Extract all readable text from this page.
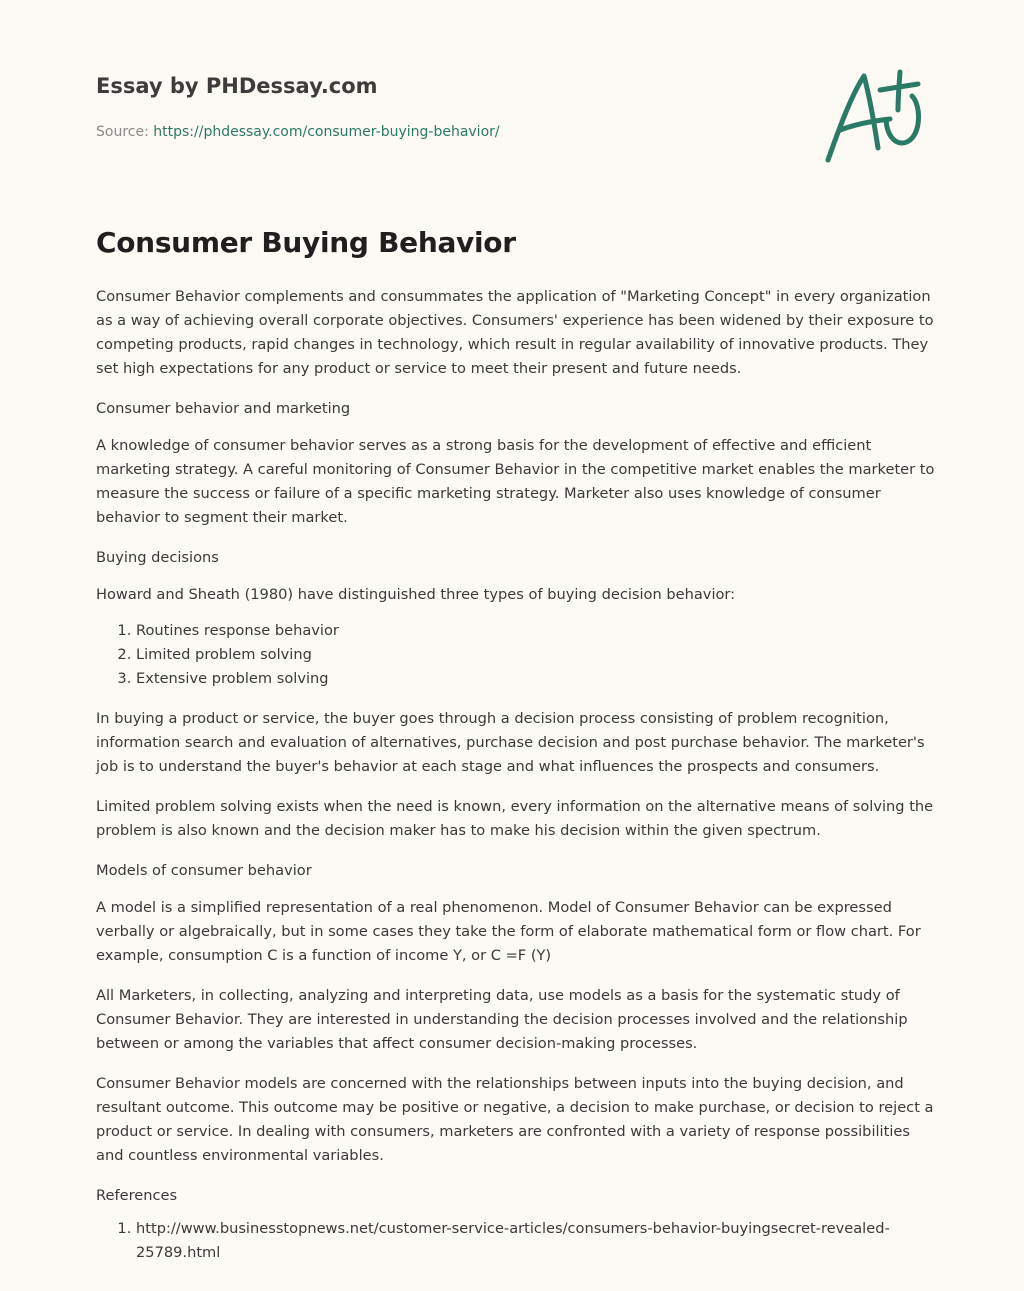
Essay by PHDessay.com
Source: https://phdessay.com/consumer-buying-behavior/
Consumer Buying Behavior

Consumer Behavior complements and consummates the application of "Marketing Concept" in every organization as a way of achieving overall corporate objectives. Consumers' experience has been widened by their exposure to competing products, rapid changes in technology, which result in regular availability of innovative products. They set high expectations for any product or service to meet their present and future needs.

Consumer behavior and marketing

A knowledge of consumer behavior serves as a strong basis for the development of effective and efficient marketing strategy. A careful monitoring of Consumer Behavior in the competitive market enables the marketer to measure the success or failure of a specific marketing strategy. Marketer also uses knowledge of consumer behavior to segment their market.

Buying decisions

Howard and Sheath (1980) have distinguished three types of buying decision behavior:

1. Routines response behavior
2. Limited problem solving
3. Extensive problem solving

In buying a product or service, the buyer goes through a decision process consisting of problem recognition, information search and evaluation of alternatives, purchase decision and post purchase behavior. The marketer's job is to understand the buyer's behavior at each stage and what influences the prospects and consumers.

Limited problem solving exists when the need is known, every information on the alternative means of solving the problem is also known and the decision maker has to make his decision within the given spectrum.

Models of consumer behavior

A model is a simplified representation of a real phenomenon. Model of Consumer Behavior can be expressed verbally or algebraically, but in some cases they take the form of elaborate mathematical form or flow chart. For example, consumption C is a function of income Y, or C =F (Y)

All Marketers, in collecting, analyzing and interpreting data, use models as a basis for the systematic study of Consumer Behavior. They are interested in understanding the decision processes involved and the relationship between or among the variables that affect consumer decision-making processes.

Consumer Behavior models are concerned with the relationships between inputs into the buying decision, and resultant outcome. This outcome may be positive or negative, a decision to make purchase, or decision to reject a product or service. In dealing with consumers, marketers are confronted with a variety of response possibilities and countless environmental variables.

References

1. http://www.businesstopnews.net/customer-service-articles/consumers-behavior-buyingsecret-revealed-25789.html
